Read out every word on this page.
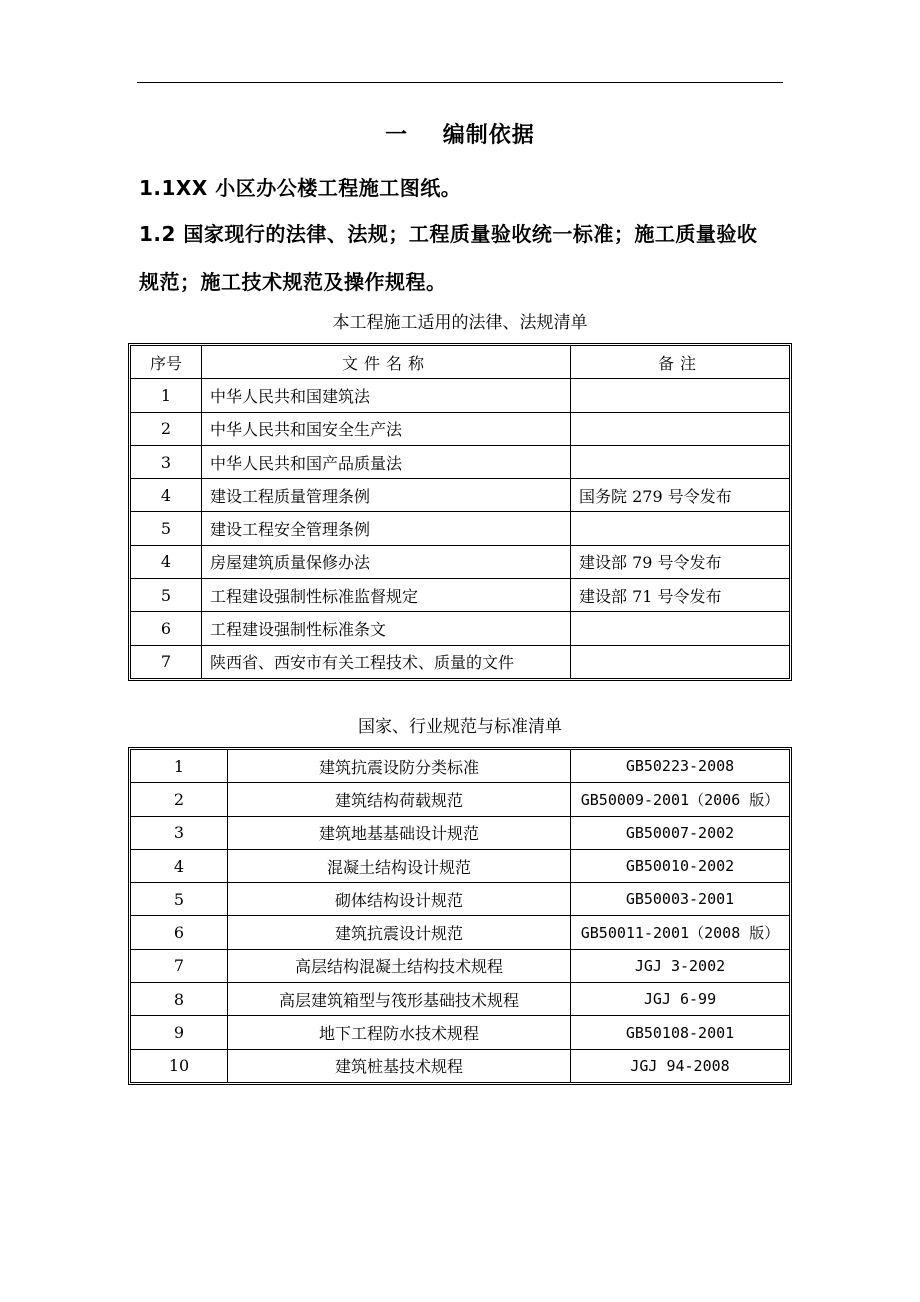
一    编制依据
1.1XX 小区办公楼工程施工图纸。
1.2 国家现行的法律、法规；工程质量验收统一标准；施工质量验收
规范；施工技术规范及操作规程。
本工程施工适用的法律、法规清单
序号	文件名称	备注
1	中华人民共和国建筑法	
2	中华人民共和国安全生产法	
3	中华人民共和国产品质量法	
4	建设工程质量管理条例	国务院 279 号令发布
5	建设工程安全管理条例	
4	房屋建筑质量保修办法	建设部 79 号令发布
5	工程建设强制性标准监督规定	建设部 71 号令发布
6	工程建设强制性标准条文	
7	陕西省、西安市有关工程技术、质量的文件	
国家、行业规范与标准清单
1	建筑抗震设防分类标准	GB50223-2008
2	建筑结构荷载规范	GB50009-2001（2006 版）
3	建筑地基基础设计规范	GB50007-2002
4	混凝土结构设计规范	GB50010-2002
5	砌体结构设计规范	GB50003-2001
6	建筑抗震设计规范	GB50011-2001（2008 版）
7	高层结构混凝土结构技术规程	JGJ 3-2002
8	高层建筑箱型与筏形基础技术规程	JGJ 6-99
9	地下工程防水技术规程	GB50108-2001
10	建筑桩基技术规程	JGJ 94-2008
